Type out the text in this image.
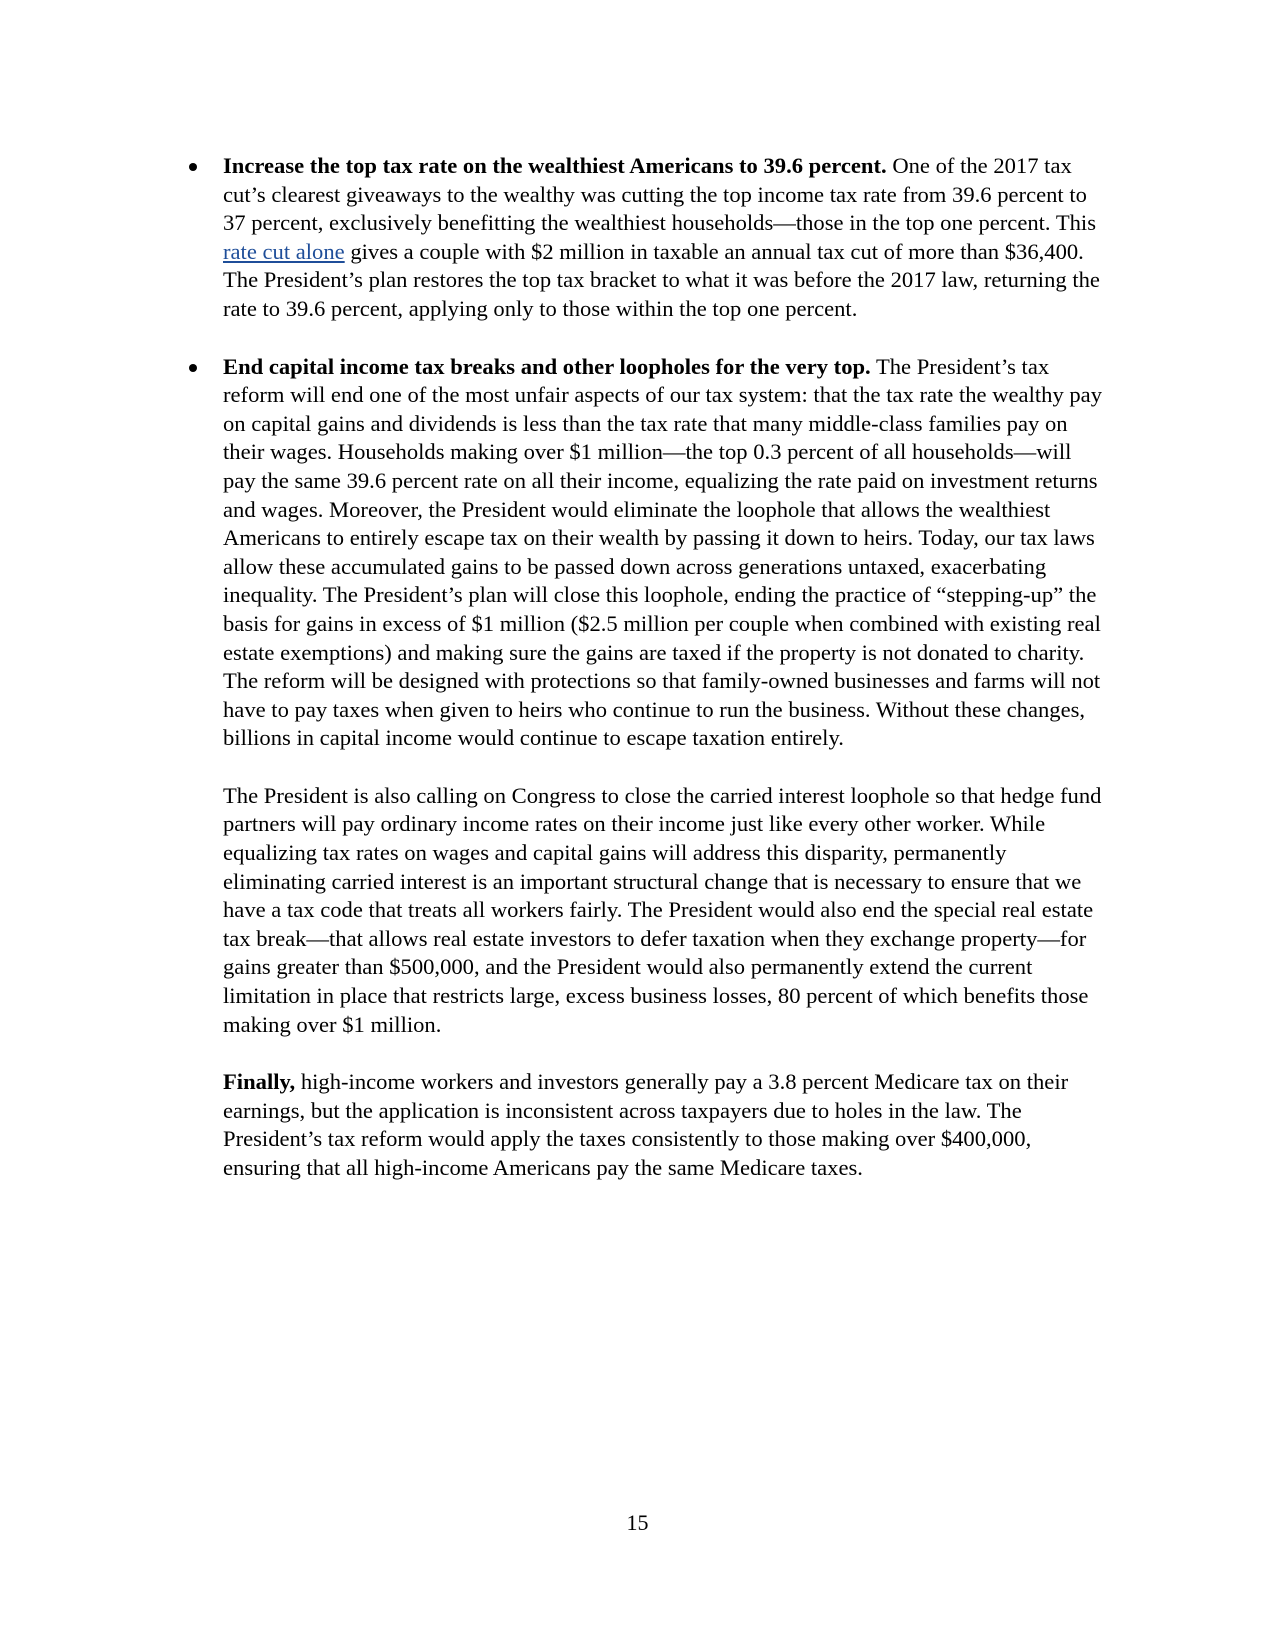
Increase the top tax rate on the wealthiest Americans to 39.6 percent. One of the 2017 tax cut’s clearest giveaways to the wealthy was cutting the top income tax rate from 39.6 percent to 37 percent, exclusively benefitting the wealthiest households—those in the top one percent. This rate cut alone gives a couple with $2 million in taxable an annual tax cut of more than $36,400. The President’s plan restores the top tax bracket to what it was before the 2017 law, returning the rate to 39.6 percent, applying only to those within the top one percent.

End capital income tax breaks and other loopholes for the very top. The President’s tax reform will end one of the most unfair aspects of our tax system: that the tax rate the wealthy pay on capital gains and dividends is less than the tax rate that many middle-class families pay on their wages. Households making over $1 million—the top 0.3 percent of all households—will pay the same 39.6 percent rate on all their income, equalizing the rate paid on investment returns and wages. Moreover, the President would eliminate the loophole that allows the wealthiest Americans to entirely escape tax on their wealth by passing it down to heirs. Today, our tax laws allow these accumulated gains to be passed down across generations untaxed, exacerbating inequality. The President’s plan will close this loophole, ending the practice of “stepping-up” the basis for gains in excess of $1 million ($2.5 million per couple when combined with existing real estate exemptions) and making sure the gains are taxed if the property is not donated to charity. The reform will be designed with protections so that family-owned businesses and farms will not have to pay taxes when given to heirs who continue to run the business. Without these changes, billions in capital income would continue to escape taxation entirely.

The President is also calling on Congress to close the carried interest loophole so that hedge fund partners will pay ordinary income rates on their income just like every other worker. While equalizing tax rates on wages and capital gains will address this disparity, permanently eliminating carried interest is an important structural change that is necessary to ensure that we have a tax code that treats all workers fairly. The President would also end the special real estate tax break—that allows real estate investors to defer taxation when they exchange property—for gains greater than $500,000, and the President would also permanently extend the current limitation in place that restricts large, excess business losses, 80 percent of which benefits those making over $1 million.

Finally, high-income workers and investors generally pay a 3.8 percent Medicare tax on their earnings, but the application is inconsistent across taxpayers due to holes in the law. The President’s tax reform would apply the taxes consistently to those making over $400,000, ensuring that all high-income Americans pay the same Medicare taxes.

15
